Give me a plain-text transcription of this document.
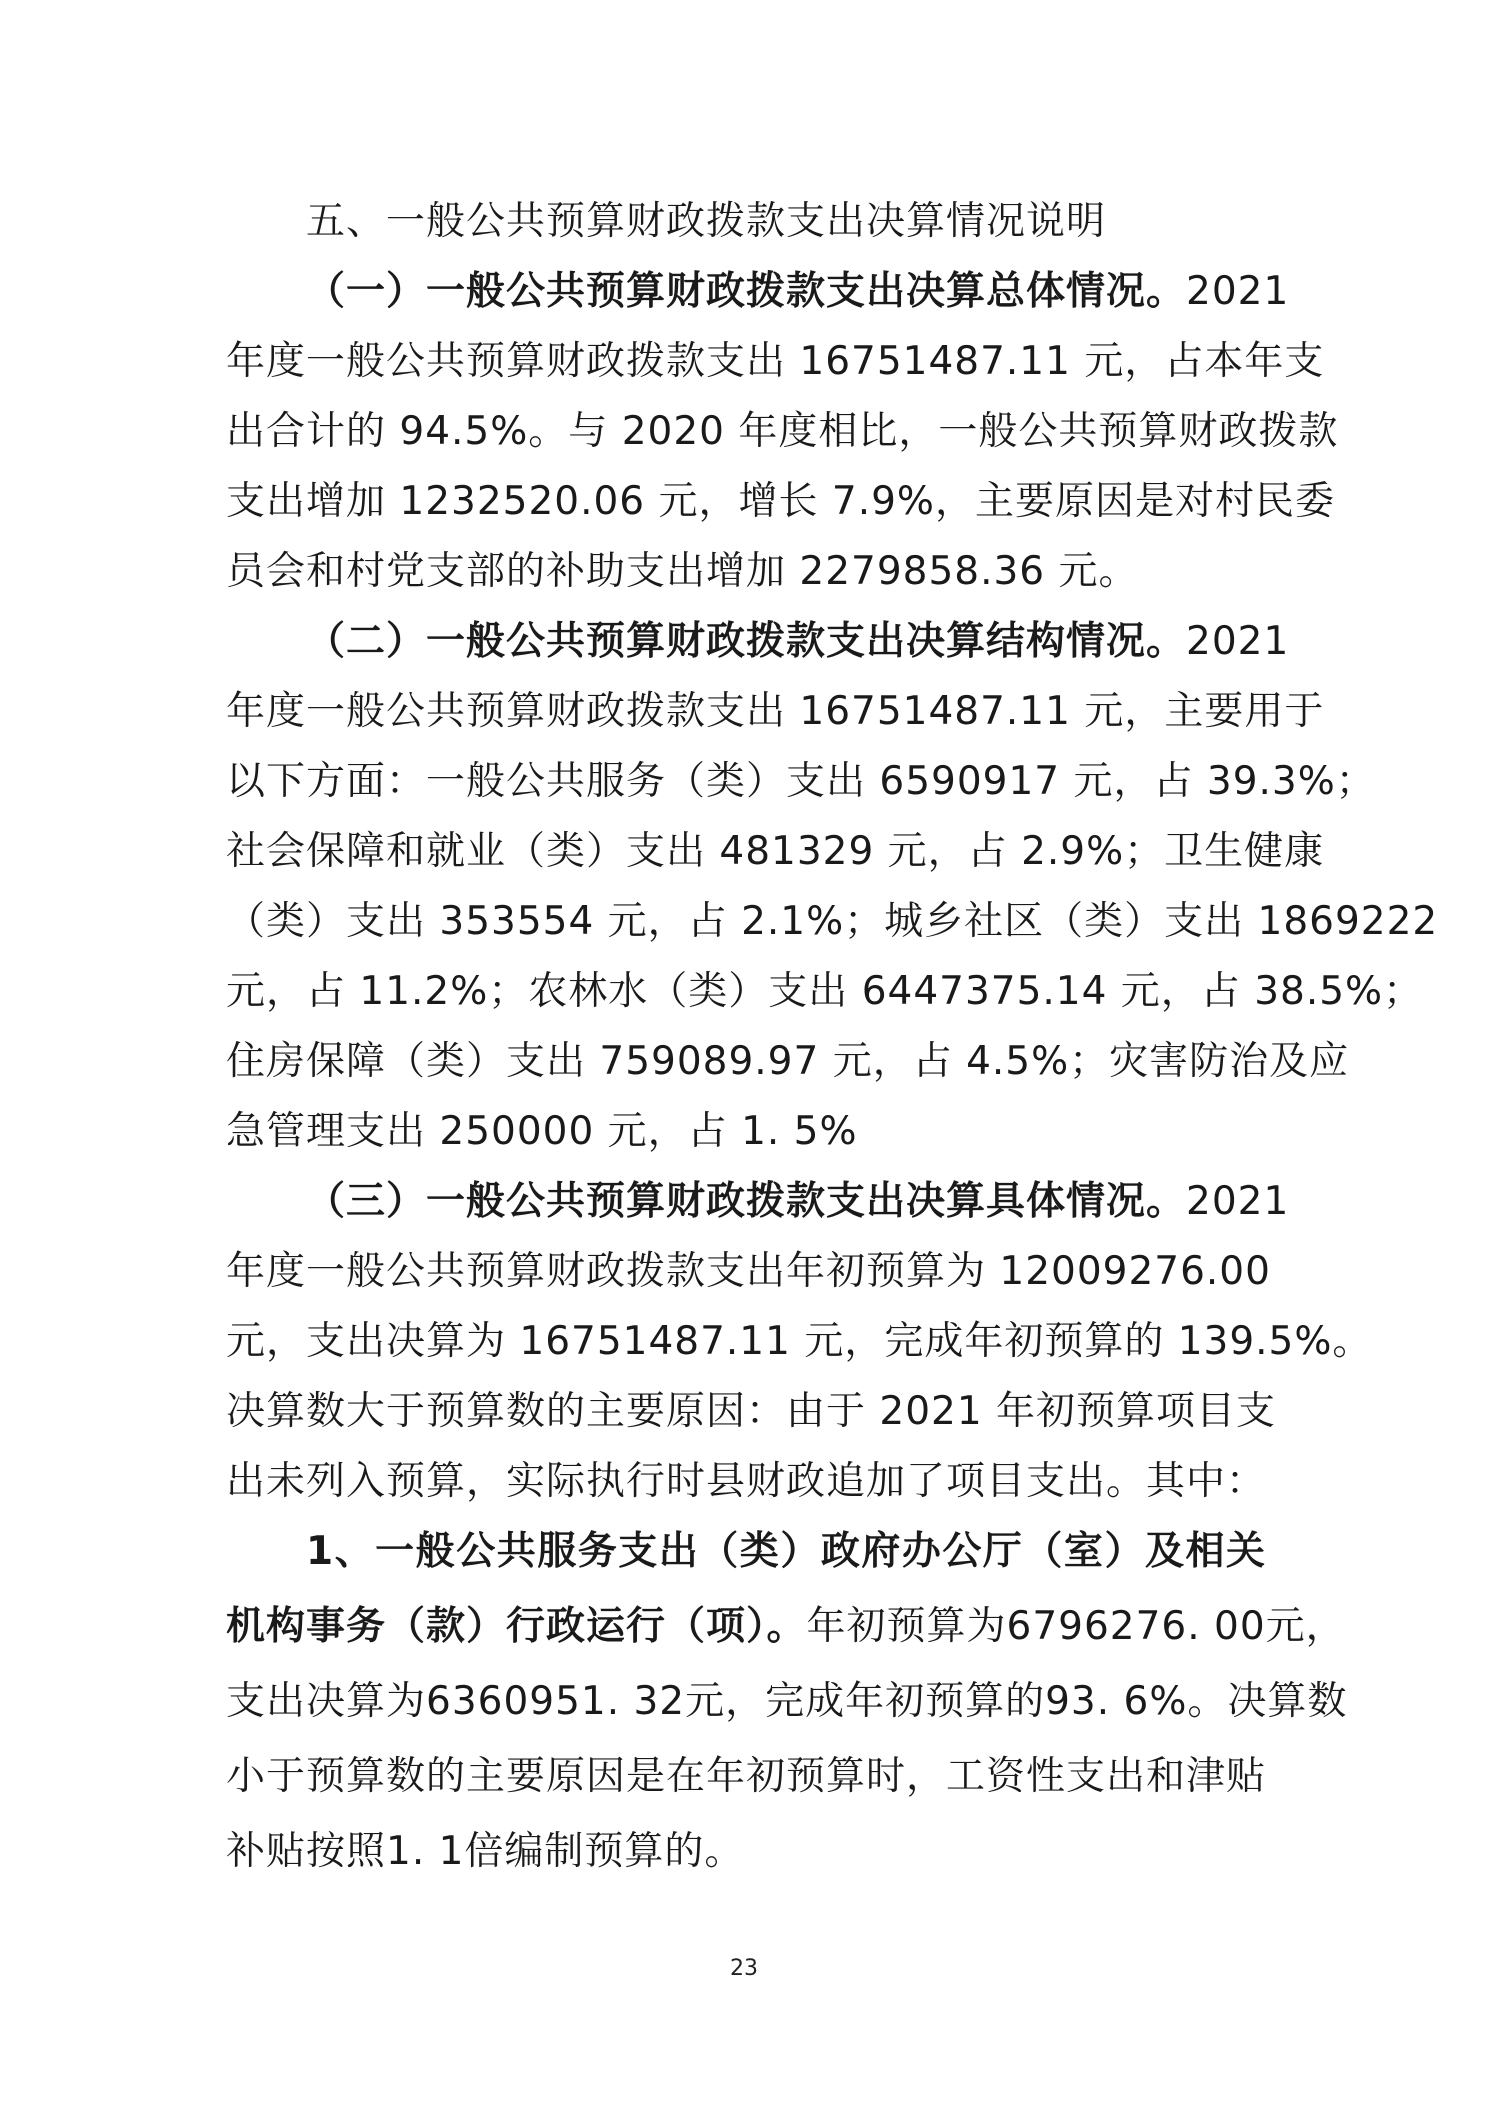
五、一般公共预算财政拨款支出决算情况说明
（一）一般公共预算财政拨款支出决算总体情况。2021
年度一般公共预算财政拨款支出 16751487.11 元，占本年支
出合计的 94.5%。与 2020 年度相比，一般公共预算财政拨款
支出增加 1232520.06 元，增长 7.9%，主要原因是对村民委
员会和村党支部的补助支出增加 2279858.36 元。
（二）一般公共预算财政拨款支出决算结构情况。2021
年度一般公共预算财政拨款支出 16751487.11 元，主要用于
以下方面：一般公共服务（类）支出 6590917 元，占 39.3%；
社会保障和就业（类）支出 481329 元，占 2.9%；卫生健康
（类）支出 353554 元，占 2.1%；城乡社区（类）支出 1869222
元，占 11.2%；农林水（类）支出 6447375.14 元，占 38.5%；
住房保障（类）支出 759089.97 元，占 4.5%；灾害防治及应
急管理支出 250000 元，占 1. 5%
（三）一般公共预算财政拨款支出决算具体情况。2021
年度一般公共预算财政拨款支出年初预算为 12009276.00
元，支出决算为 16751487.11 元，完成年初预算的 139.5%。
决算数大于预算数的主要原因：由于 2021 年初预算项目支
出未列入预算，实际执行时县财政追加了项目支出。其中：
1、一般公共服务支出（类）政府办公厅（室）及相关
机构事务（款）行政运行（项）。年初预算为6796276. 00元，
支出决算为6360951. 32元，完成年初预算的93. 6%。决算数
小于预算数的主要原因是在年初预算时，工资性支出和津贴
补贴按照1. 1倍编制预算的。
23
